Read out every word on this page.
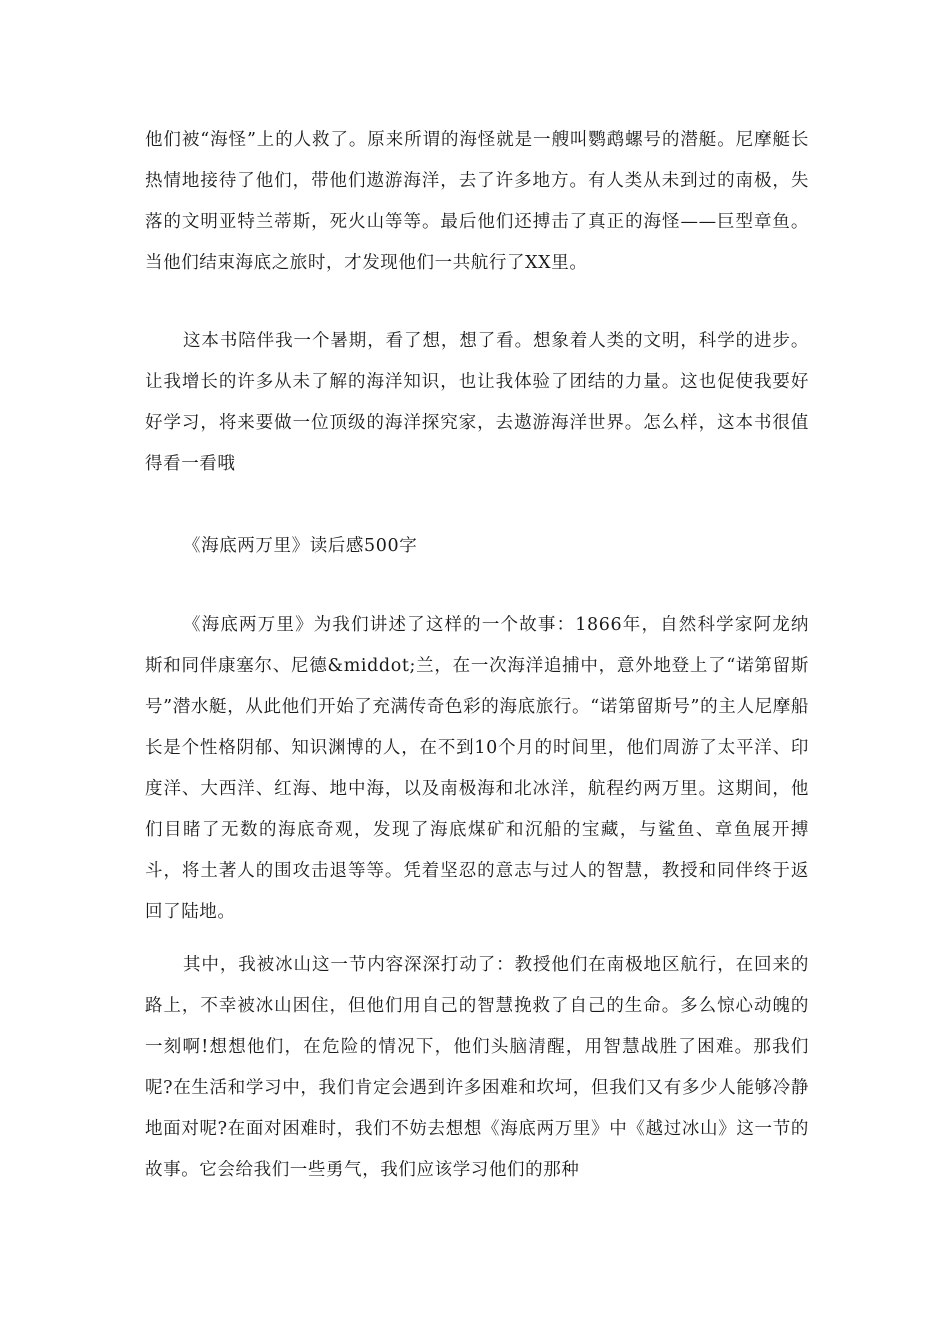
他们被“海怪”上的人救了。原来所谓的海怪就是一艘叫鹦鹉螺号的潜艇。尼摩艇长热情地接待了他们，带他们遨游海洋，去了许多地方。有人类从未到过的南极，失落的文明亚特兰蒂斯，死火山等等。最后他们还搏击了真正的海怪——巨型章鱼。当他们结束海底之旅时，才发现他们一共航行了XX里。
这本书陪伴我一个暑期，看了想，想了看。想象着人类的文明，科学的进步。让我增长的许多从未了解的海洋知识，也让我体验了团结的力量。这也促使我要好好学习，将来要做一位顶级的海洋探究家，去遨游海洋世界。怎么样，这本书很值得看一看哦
《海底两万里》读后感500字
《海底两万里》为我们讲述了这样的一个故事：1866年，自然科学家阿龙纳斯和同伴康塞尔、尼德&middot;兰，在一次海洋追捕中，意外地登上了“诺第留斯号”潜水艇，从此他们开始了充满传奇色彩的海底旅行。“诺第留斯号”的主人尼摩船长是个性格阴郁、知识渊博的人，在不到10个月的时间里，他们周游了太平洋、印度洋、大西洋、红海、地中海，以及南极海和北冰洋，航程约两万里。这期间，他们目睹了无数的海底奇观，发现了海底煤矿和沉船的宝藏，与鲨鱼、章鱼展开搏斗，将土著人的围攻击退等等。凭着坚忍的意志与过人的智慧，教授和同伴终于返回了陆地。
其中，我被冰山这一节内容深深打动了：教授他们在南极地区航行，在回来的路上，不幸被冰山困住，但他们用自己的智慧挽救了自己的生命。多么惊心动魄的一刻啊!想想他们，在危险的情况下，他们头脑清醒，用智慧战胜了困难。那我们呢?在生活和学习中，我们肯定会遇到许多困难和坎坷，但我们又有多少人能够冷静地面对呢?在面对困难时，我们不妨去想想《海底两万里》中《越过冰山》这一节的故事。它会给我们一些勇气，我们应该学习他们的那种
